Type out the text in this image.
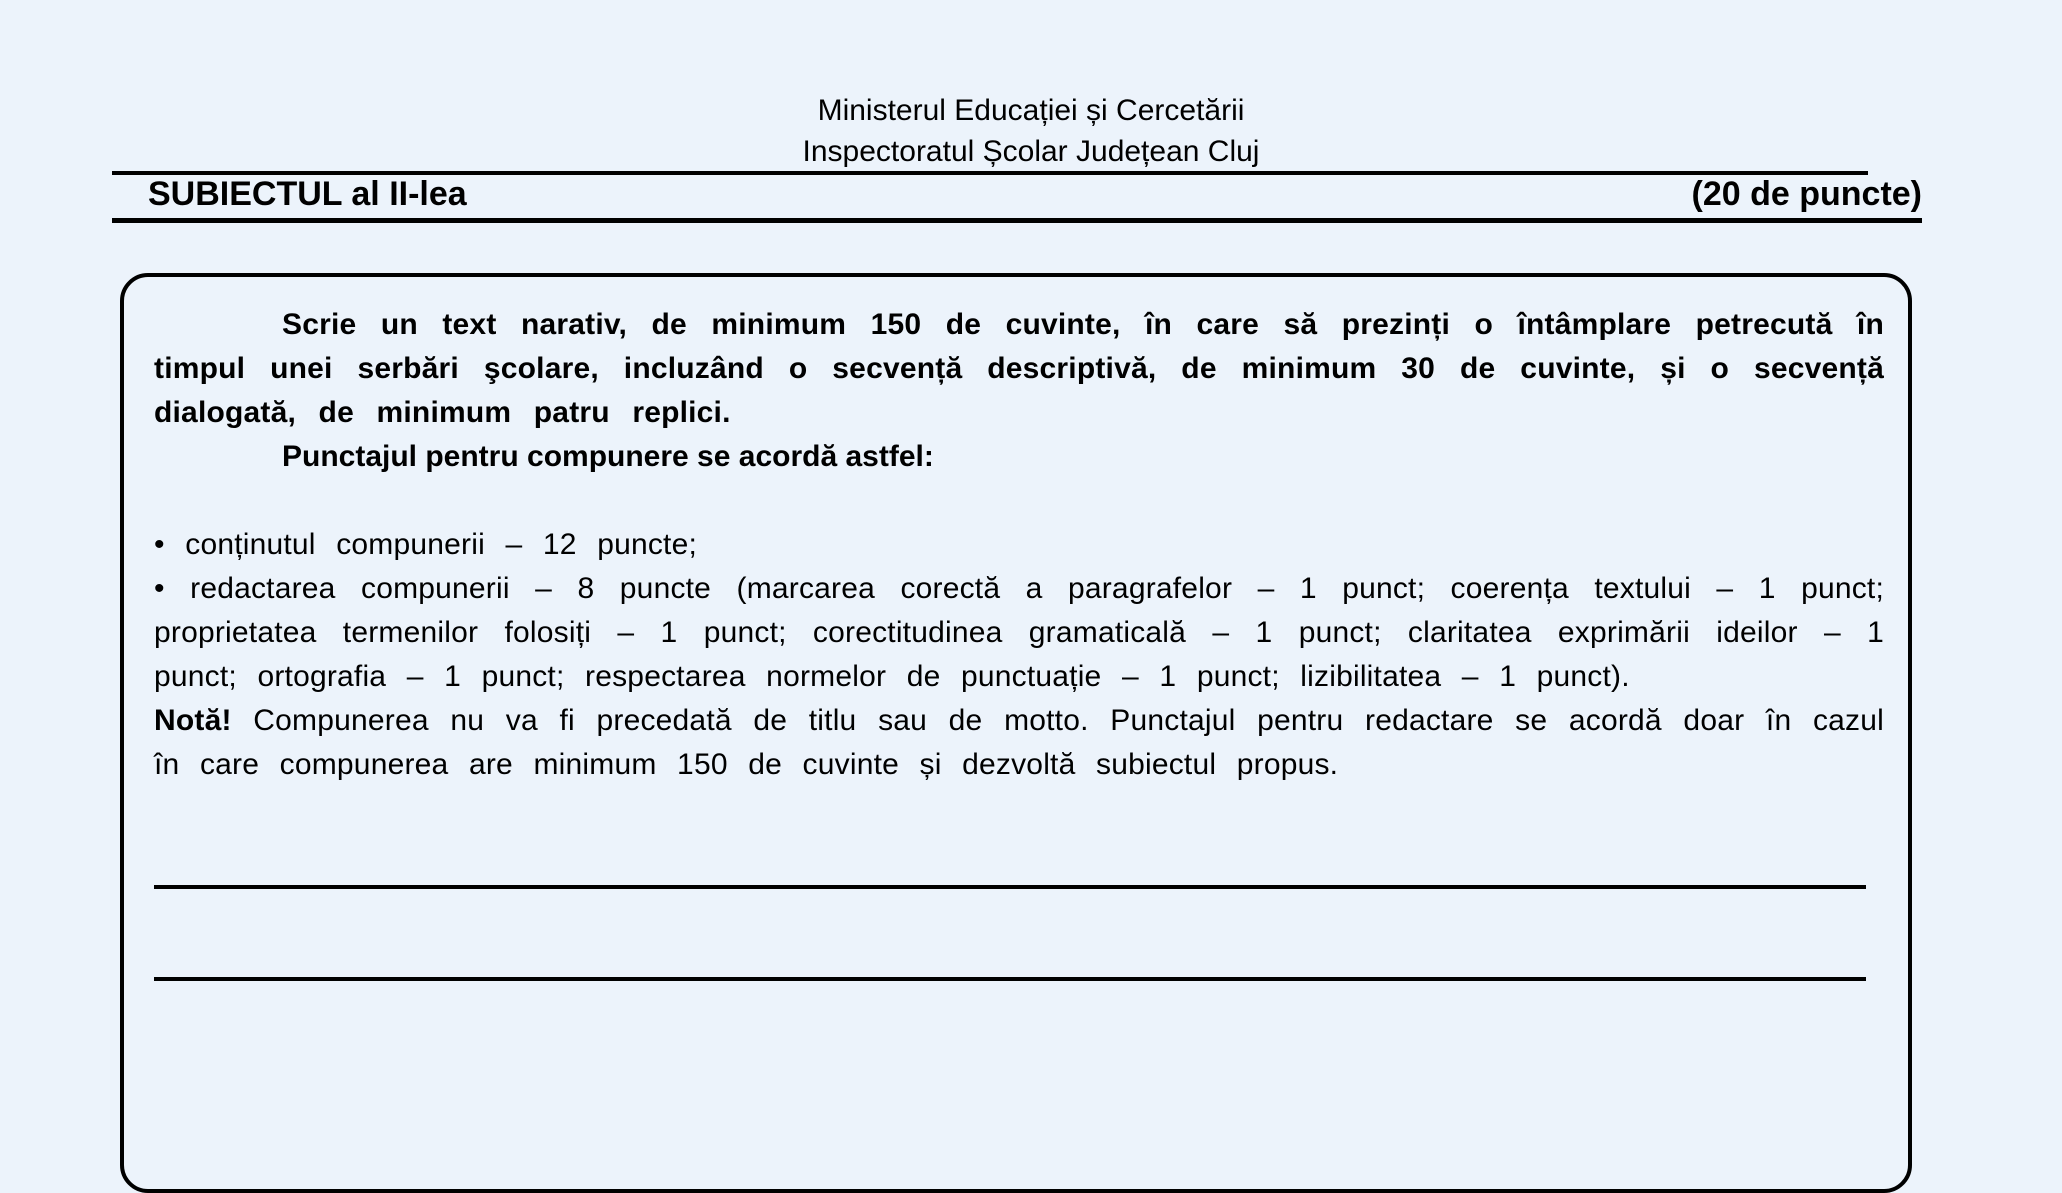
Ministerul Educației și Cercetării
Inspectoratul Școlar Județean Cluj
SUBIECTUL al II-lea	(20 de puncte)

Scrie un text narativ, de minimum 150 de cuvinte, în care să prezinți o întâmplare petrecută în timpul unei serbări şcolare, incluzând o secvență descriptivă, de minimum 30 de cuvinte, și o secvență dialogată, de minimum patru replici.

Punctajul pentru compunere se acordă astfel:

• conținutul compunerii – 12 puncte;

• redactarea compunerii – 8 puncte (marcarea corectă a paragrafelor – 1 punct; coerența textului – 1 punct; proprietatea termenilor folosiți – 1 punct; corectitudinea gramaticală – 1 punct; claritatea exprimării ideilor – 1 punct; ortografia – 1 punct; respectarea normelor de punctuație – 1 punct; lizibilitatea – 1 punct).

Notă! Compunerea nu va fi precedată de titlu sau de motto. Punctajul pentru redactare se acordă doar în cazul în care compunerea are minimum 150 de cuvinte și dezvoltă subiectul propus.
